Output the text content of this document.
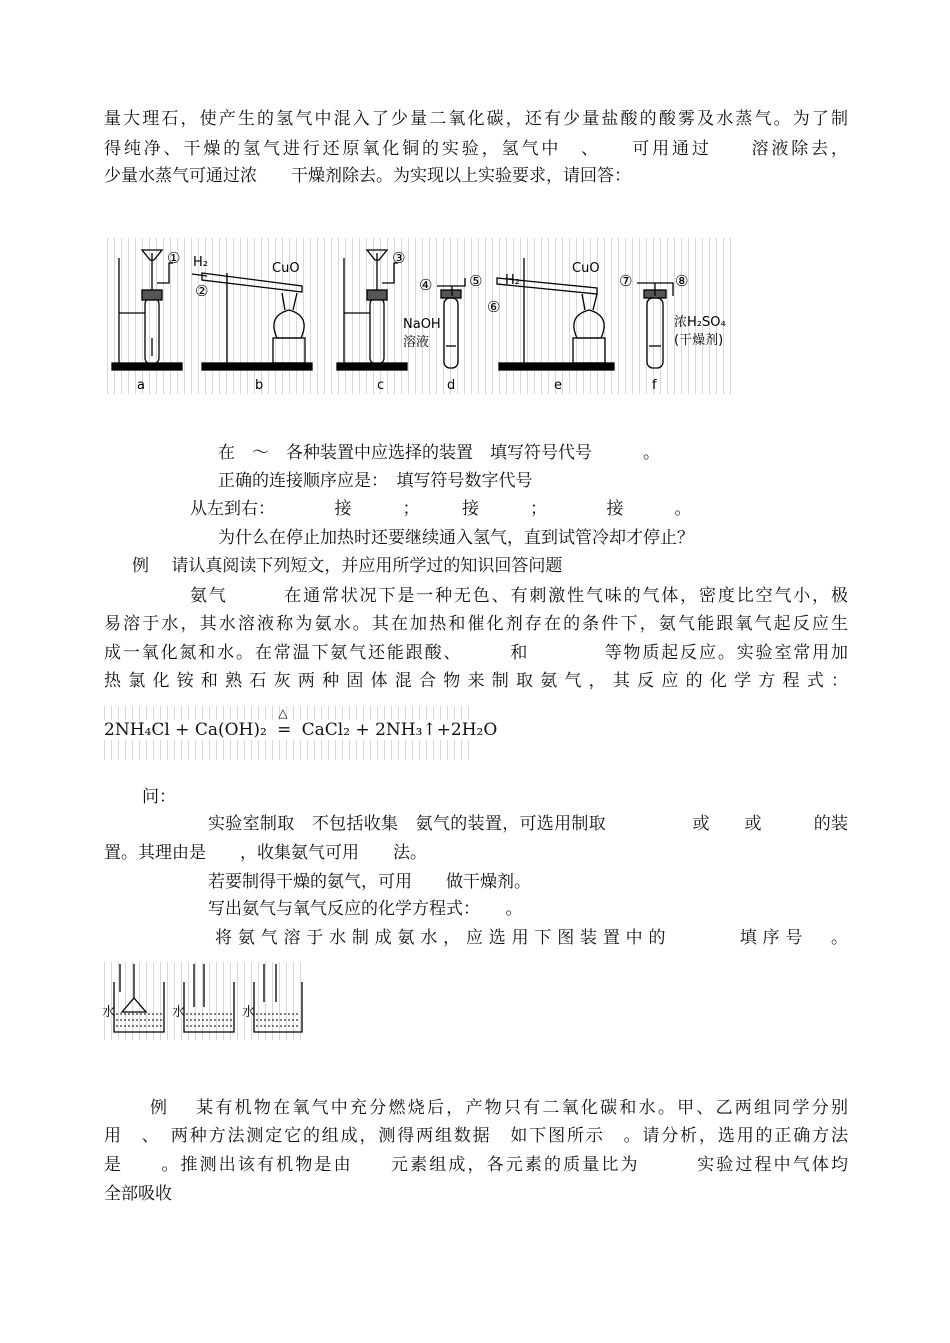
量大理石，使产生的氢气中混入了少量二氧化碳，还有少量盐酸的酸雾及水蒸气。为了制
得纯净、干燥的氢气进行还原氧化铜的实验，氢气中　、　　可用通过　　溶液除去，
少量水蒸气可通过浓　　干燥剂除去。为实现以上实验要求，请回答：
a	b	c	d	e	f
①
②
③
④ ⑤
⑥
⑦	⑧
H₂
H₂
CuO	CuO
NaOH
溶液
浓H₂SO₄
(干燥剂)
在　～　各种装置中应选择的装置　填写符号代号　　　。
正确的连接顺序应是：　填写符号数字代号
从左到右：　　　　接　　　；　　　接　　　；　　　　接　　　。
为什么在停止加热时还要继续通入氢气，直到试管冷却才停止？
例　 请认真阅读下列短文，并应用所学过的知识回答问题
氨气　　　在通常状况下是一种无色、有刺激性气味的气体，密度比空气小，极
易溶于水，其水溶液称为氨水。其在加热和催化剂存在的条件下，氨气能跟氧气起反应生
成一氧化氮和水。在常温下氨气还能跟酸、　　　和　　　　等物质起反应。实验室常用加
热氯化铵和熟石灰两种固体混合物来制取氨气，其反应的化学方程式：
2NH₄Cl + Ca(OH)₂
△
= CaCl₂ + 2NH₃↑+2H₂O
问：
实验室制取　不包括收集　氨气的装置，可选用制取　　　　　或　　或　　　的装
置。其理由是　　，收集氨气可用　　法。
若要制得干燥的氨气，可用　　做干燥剂。
写出氨气与氧气反应的化学方程式：　　。
将氨气溶于水制成氨水，应选用下图装置中的　　　填序号　。
水	水	水
例　 某有机物在氧气中充分燃烧后，产物只有二氧化碳和水。甲、乙两组同学分别
用　、　两种方法测定它的组成，测得两组数据　如下图所示　。请分析，选用的正确方法
是　　。推测出该有机物是由　　元素组成，各元素的质量比为　　　实验过程中气体均
全部吸收
